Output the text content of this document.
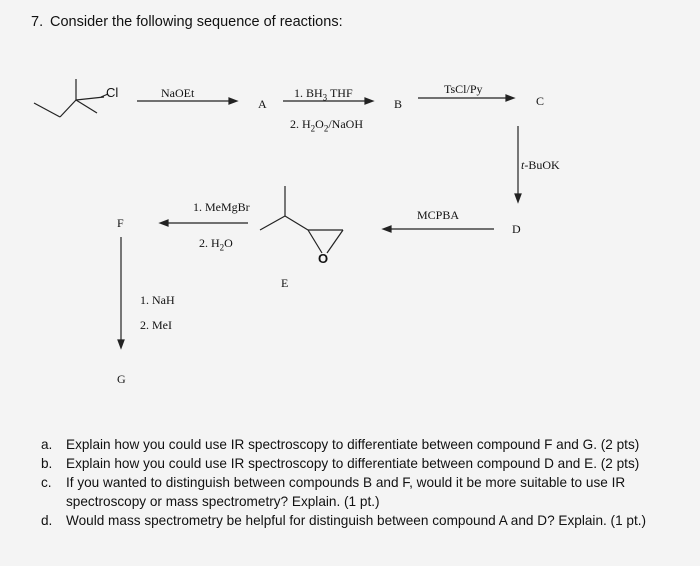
7. Consider the following sequence of reactions:
Cl
O
NaOEt	1. $BH_3$ THF
2. $H_2O_2$/NaOH
TsCl/Py
t-BuOK
MCPBA
1. MeMgBr
2. $H_2O$
1. NaH
2. MeI
A	B	C
D
E
F
G
a. Explain how you could use IR spectroscopy to differentiate between compound F and G. (2 pts)
b. Explain how you could use IR spectroscopy to differentiate between compound D and E. (2 pts)
c. If you wanted to distinguish between compounds B and F, would it be more suitable to use IR
spectroscopy or mass spectrometry? Explain. (1 pt.)
d. Would mass spectrometry be helpful for distinguish between compound A and D? Explain. (1 pt.)
